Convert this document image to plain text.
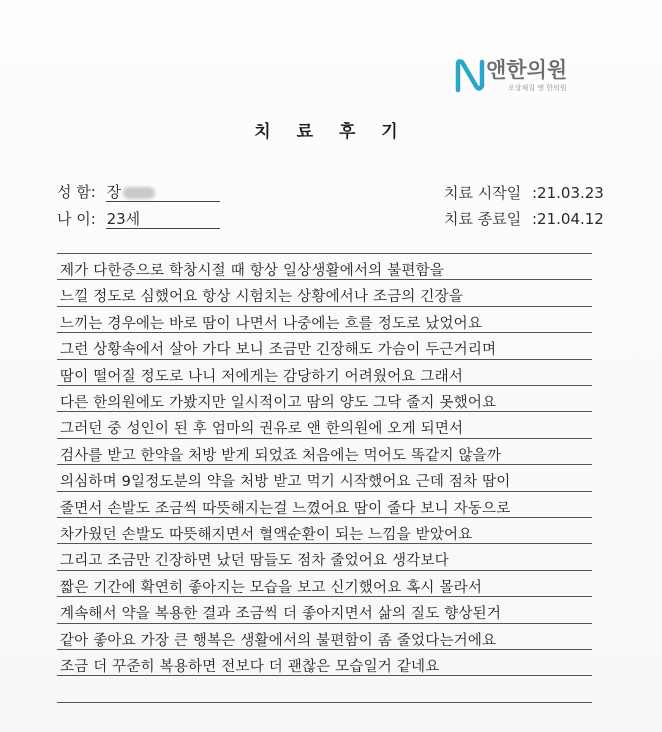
앤한의원
오상채질 앤 한의원
치 료 후 기
성 함: 장
나 이: 23세
치료 시작일 :21.03.23
치료 종료일 :21.04.12
제가 다한증으로 학창시절 때 항상 일상생활에서의 불편함을
느낄 정도로 심했어요 항상 시험치는 상황에서나 조금의 긴장을
느끼는 경우에는 바로 땀이 나면서 나중에는 흐를 정도로 났었어요
그런 상황속에서 살아 가다 보니 조금만 긴장해도 가슴이 두근거리며
땀이 떨어질 정도로 나니 저에게는 감당하기 어려웠어요 그래서
다른 한의원에도 가봤지만 일시적이고 땀의 양도 그닥 줄지 못했어요
그러던 중 성인이 된 후 엄마의 권유로 앤 한의원에 오게 되면서
검사를 받고 한약을 처방 받게 되었죠 처음에는 먹어도 똑같지 않을까
의심하며 9일정도분의 약을 처방 받고 먹기 시작했어요 근데 점차 땀이
줄면서 손발도 조금씩 따뜻해지는걸 느꼈어요 땀이 줄다 보니 자동으로
차가웠던 손발도 따뜻해지면서 혈액순환이 되는 느낌을 받았어요
그리고 조금만 긴장하면 났던 땀들도 점차 줄었어요 생각보다
짧은 기간에 확연히 좋아지는 모습을 보고 신기했어요 혹시 몰라서
계속해서 약을 복용한 결과 조금씩 더 좋아지면서 삶의 질도 향상된거
같아 좋아요 가장 큰 행복은 생활에서의 불편함이 좀 줄었다는거에요
조금 더 꾸준히 복용하면 전보다 더 괜찮은 모습일거 같네요
